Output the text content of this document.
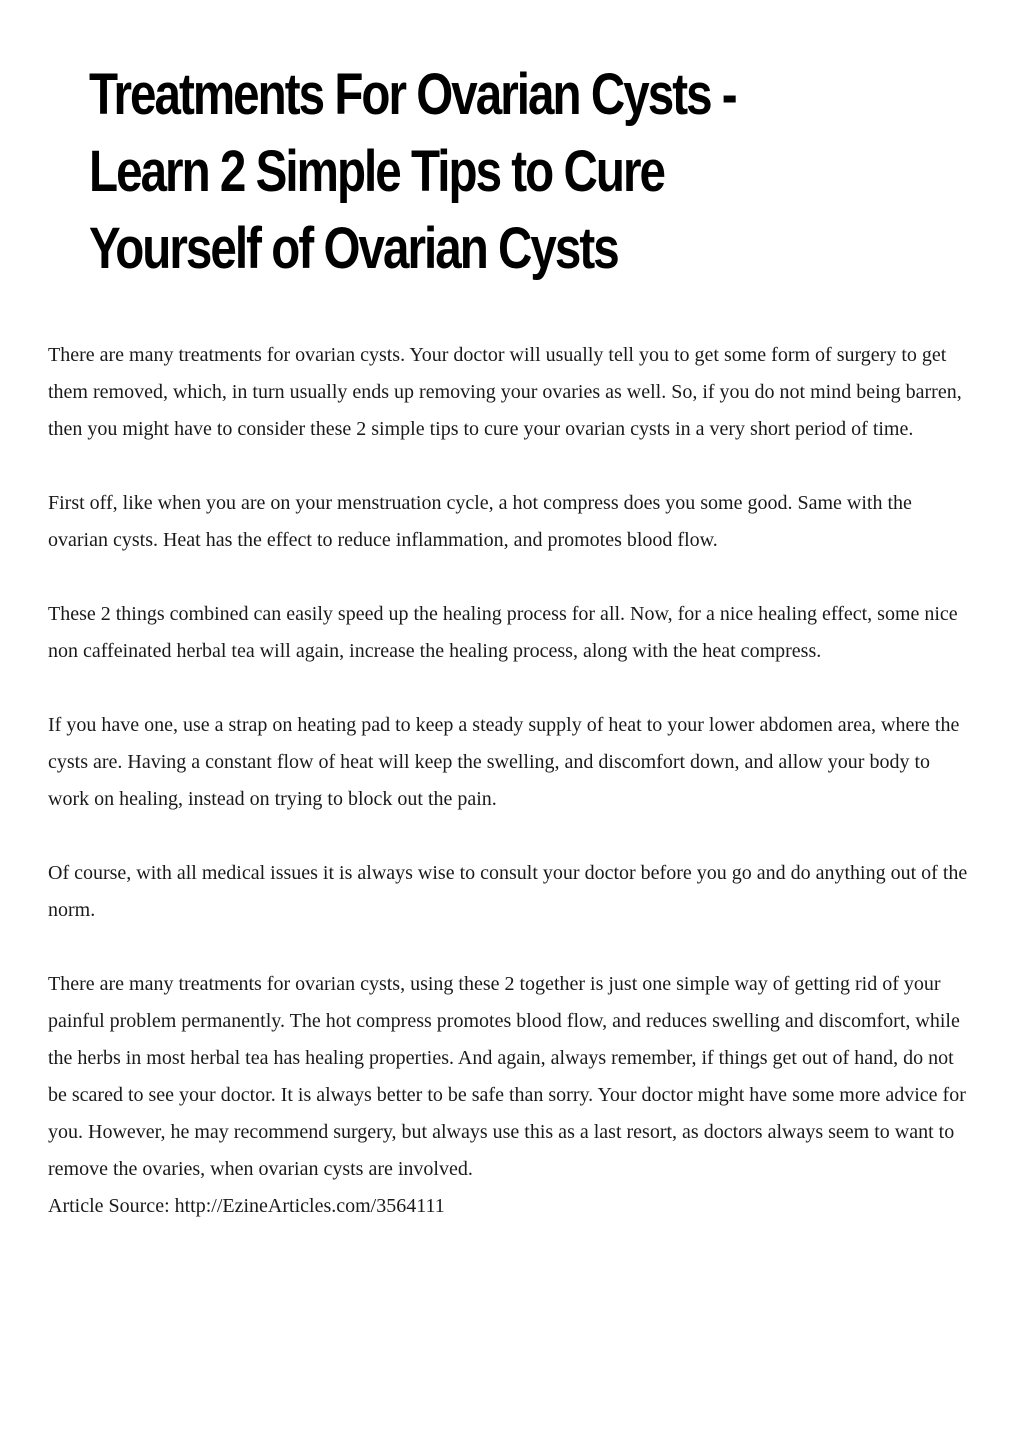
Treatments For Ovarian Cysts -
Learn 2 Simple Tips to Cure
Yourself of Ovarian Cysts

There are many treatments for ovarian cysts. Your doctor will usually tell you to get some form of surgery to get them removed, which, in turn usually ends up removing your ovaries as well. So, if you do not mind being barren, then you might have to consider these 2 simple tips to cure your ovarian cysts in a very short period of time.

First off, like when you are on your menstruation cycle, a hot compress does you some good. Same with the ovarian cysts. Heat has the effect to reduce inflammation, and promotes blood flow.

These 2 things combined can easily speed up the healing process for all. Now, for a nice healing effect, some nice non caffeinated herbal tea will again, increase the healing process, along with the heat compress.

If you have one, use a strap on heating pad to keep a steady supply of heat to your lower abdomen area, where the cysts are. Having a constant flow of heat will keep the swelling, and discomfort down, and allow your body to work on healing, instead on trying to block out the pain.

Of course, with all medical issues it is always wise to consult your doctor before you go and do anything out of the norm.

There are many treatments for ovarian cysts, using these 2 together is just one simple way of getting rid of your painful problem permanently. The hot compress promotes blood flow, and reduces swelling and discomfort, while the herbs in most herbal tea has healing properties. And again, always remember, if things get out of hand, do not be scared to see your doctor. It is always better to be safe than sorry. Your doctor might have some more advice for you. However, he may recommend surgery, but always use this as a last resort, as doctors always seem to want to remove the ovaries, when ovarian cysts are involved.

Article Source: http://EzineArticles.com/3564111
